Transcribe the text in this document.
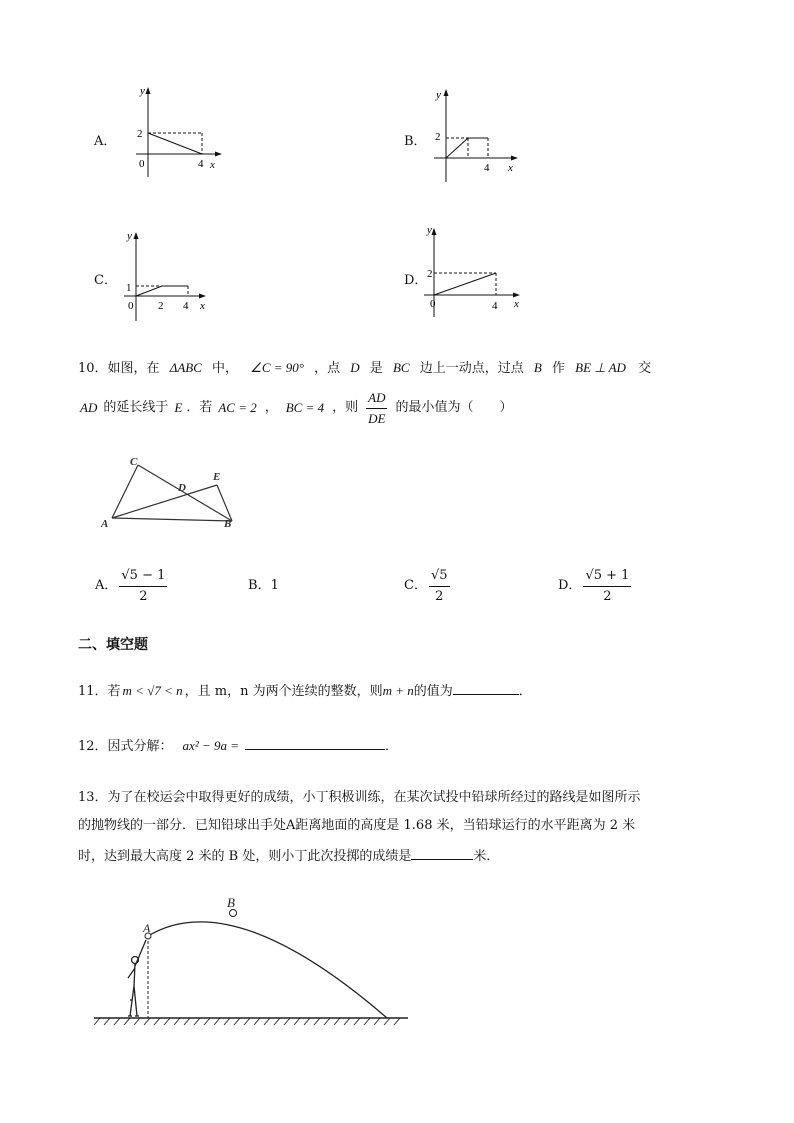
A．
y
x
0
2
4
B．
y
x
2
4
C．
y
x
0
1
2 4
D．
y
x
0
2
4
10．如图，在 ΔABC 中， ∠C = 90° ，点 D 是 BC 边上一动点，过点 B 作 BE ⊥ AD 交
AD 的延长线于 E ．若 AC = 2 ， BC = 4 ，则 $\frac{AD}{DE}$ 的最小值为（　　）
C
E
D
A	B
A． $\frac{√5 - 1}{2}$	B．1	C． $\frac{√5}{2}$	D． $\frac{√5 + 1}{2}$
二、填空题
11．若 m < √7 < n ，且 m，n 为两个连续的整数，则m + n的值为	．
12．因式分解： ax² − 9a =	．
13．为了在校运会中取得更好的成绩，小丁积极训练，在某次试投中铅球所经过的路线是如图所示
的抛物线的一部分．已知铅球出手处A距离地面的高度是 1.68 米，当铅球运行的水平距离为 2 米
时，达到最大高度 2 米的 B 处，则小丁此次投掷的成绩是	米．
A
B
